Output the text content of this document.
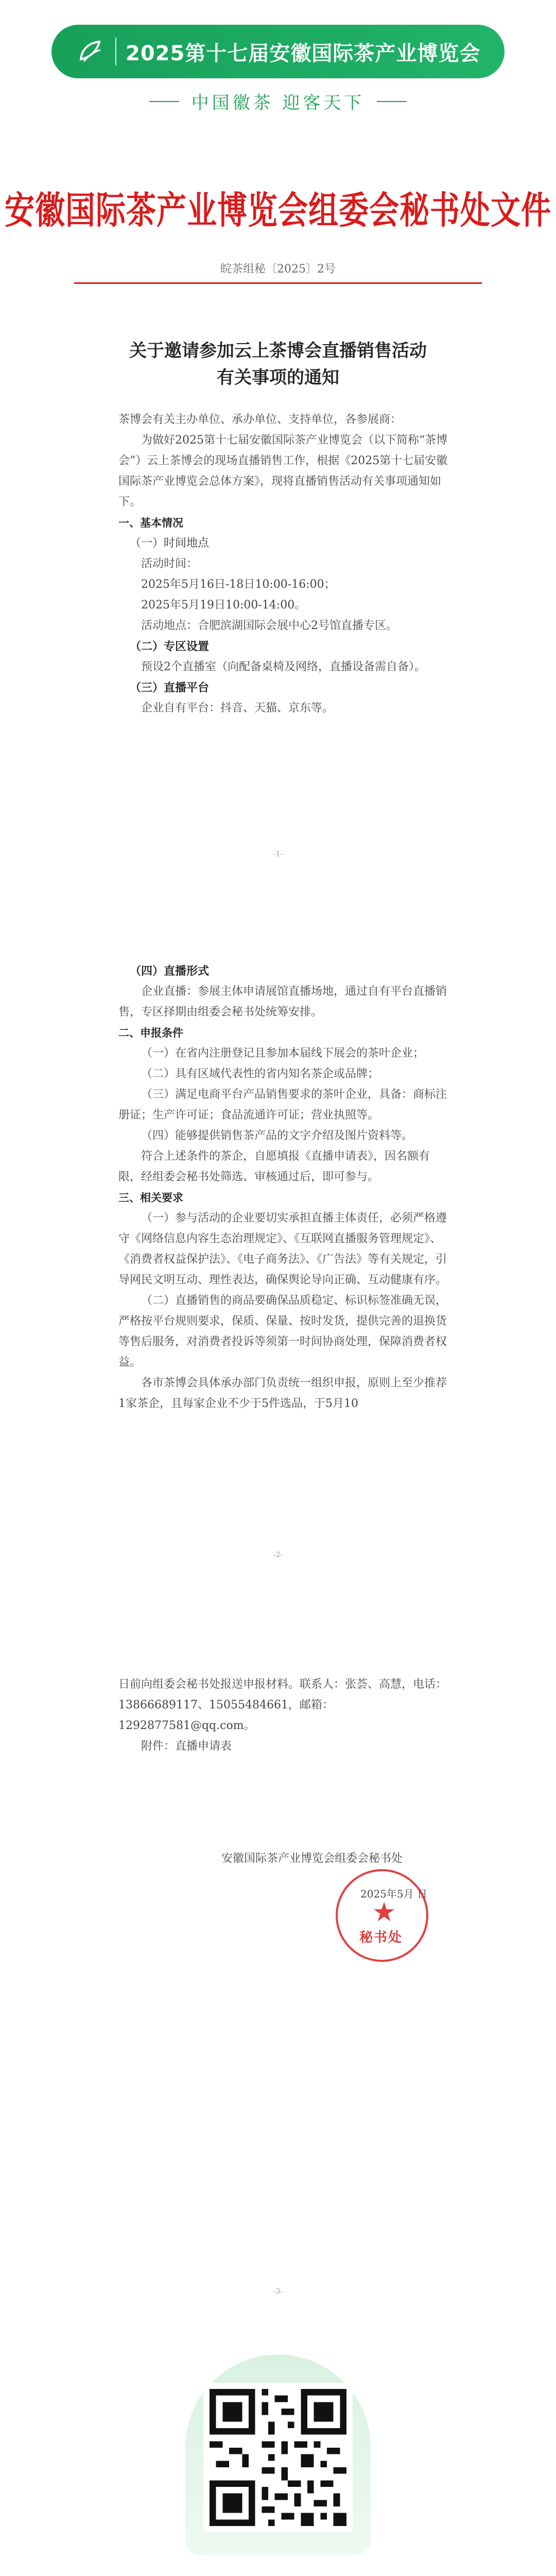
2025第十七届安徽国际茶产业博览会
中国徽茶 迎客天下
安徽国际茶产业博览会组委会秘书处文件
皖茶组秘〔2025〕2号
关于邀请参加云上茶博会直播销售活动
有关事项的通知

茶博会有关主办单位、承办单位、支持单位，各参展商：

为做好2025第十七届安徽国际茶产业博览会（以下简称“茶博会”）云上茶博会的现场直播销售工作，根据《2025第十七届安徽国际茶产业博览会总体方案》，现将直播销售活动有关事项通知如下。

一、基本情况

（一）时间地点

活动时间：

2025年5月16日-18日10:00-16:00；

2025年5月19日10:00-14:00。

活动地点：合肥滨湖国际会展中心2号馆直播专区。

（二）专区设置

预设2个直播室（向配备桌椅及网络，直播设备需自备）。

（三）直播平台

企业自有平台：抖音、天猫、京东等。

-1-

（四）直播形式

企业直播：参展主体申请展馆直播场地，通过自有平台直播销售，专区择期由组委会秘书处统筹安排。

二、申报条件

（一）在省内注册登记且参加本届线下展会的茶叶企业；

（二）具有区域代表性的省内知名茶企或品牌；

（三）满足电商平台产品销售要求的茶叶企业，具备：商标注册证；生产许可证；食品流通许可证；营业执照等。

（四）能够提供销售茶产品的文字介绍及图片资料等。

符合上述条件的茶企，自愿填报《直播申请表》，因名额有限，经组委会秘书处筛选、审核通过后，即可参与。

三、相关要求

（一）参与活动的企业要切实承担直播主体责任，必须严格遵守《网络信息内容生态治理规定》、《互联网直播服务管理规定》、《消费者权益保护法》、《电子商务法》、《广告法》等有关规定，引导网民文明互动、理性表达，确保舆论导向正确、互动健康有序。

（二）直播销售的商品要确保品质稳定、标识标签准确无误，严格按平台规则要求，保质、保量、按时发货，提供完善的退换货等售后服务，对消费者投诉等须第一时间协商处理，保障消费者权益。

各市茶博会具体承办部门负责统一组织申报，原则上至少推荐1家茶企，且每家企业不少于5件选品，于5月10

-2-

日前向组委会秘书处报送申报材料。联系人：张荟、高慧，电话：13866689117、15055484661，邮箱：1292877581@qq.com。

附件：直播申请表

安徽国际茶产业博览会组委会秘书处
★
2025年5月 日
秘书处
-3-
